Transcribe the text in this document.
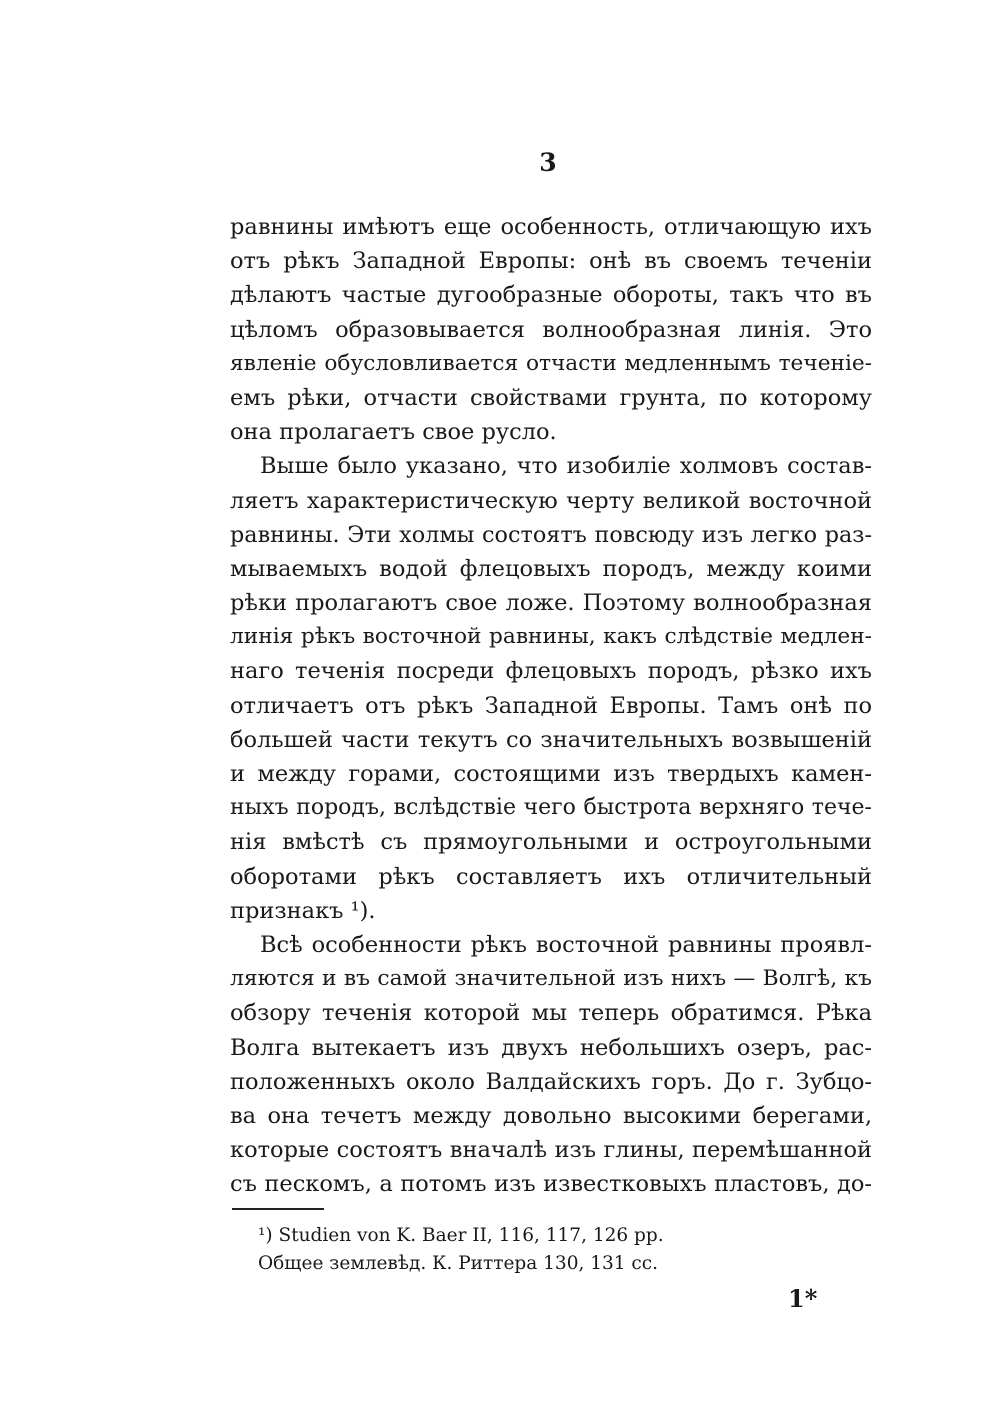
3
равнины имѣютъ еще особенность, отличающую ихъ
отъ рѣкъ Западной Европы: онѣ въ своемъ теченіи
дѣлаютъ частые дугообразные обороты, такъ что въ
цѣломъ образовывается волнообразная линія. Это
явленіе обусловливается отчасти медленнымъ теченіе-
емъ рѣки, отчасти свойствами грунта, по которому
она пролагаетъ свое русло.
Выше было указано, что изобиліе холмовъ состав-
ляетъ характеристическую черту великой восточной
равнины. Эти холмы состоятъ повсюду изъ легко раз-
мываемыхъ водой флецовыхъ породъ, между коими
рѣки пролагаютъ свое ложе. Поэтому волнообразная
линія рѣкъ восточной равнины, какъ слѣдствіе медлен-
наго теченія посреди флецовыхъ породъ, рѣзко ихъ
отличаетъ отъ рѣкъ Западной Европы. Тамъ онѣ по
большей части текутъ со значительныхъ возвышеній
и между горами, состоящими изъ твердыхъ камен-
ныхъ породъ, вслѣдствіе чего быстрота верхняго тече-
нія вмѣстѣ съ прямоугольными и остроугольными
оборотами рѣкъ составляетъ ихъ отличительный
признакъ ¹).
Всѣ особенности рѣкъ восточной равнины проявл-
ляются и въ самой значительной изъ нихъ — Волгѣ, къ
обзору теченія которой мы теперь обратимся. Рѣка
Волга вытекаетъ изъ двухъ небольшихъ озеръ, рас-
положенныхъ около Валдайскихъ горъ. До г. Зубцо-
ва она течетъ между довольно высокими берегами,
которые состоятъ вначалѣ изъ глины, перемѣшанной
съ пескомъ, а потомъ изъ известковыхъ пластовъ, до-
¹) Studien von K. Baer II, 116, 117, 126 pp.
Общее землевѣд. К. Риттера 130, 131 сс.
1*
